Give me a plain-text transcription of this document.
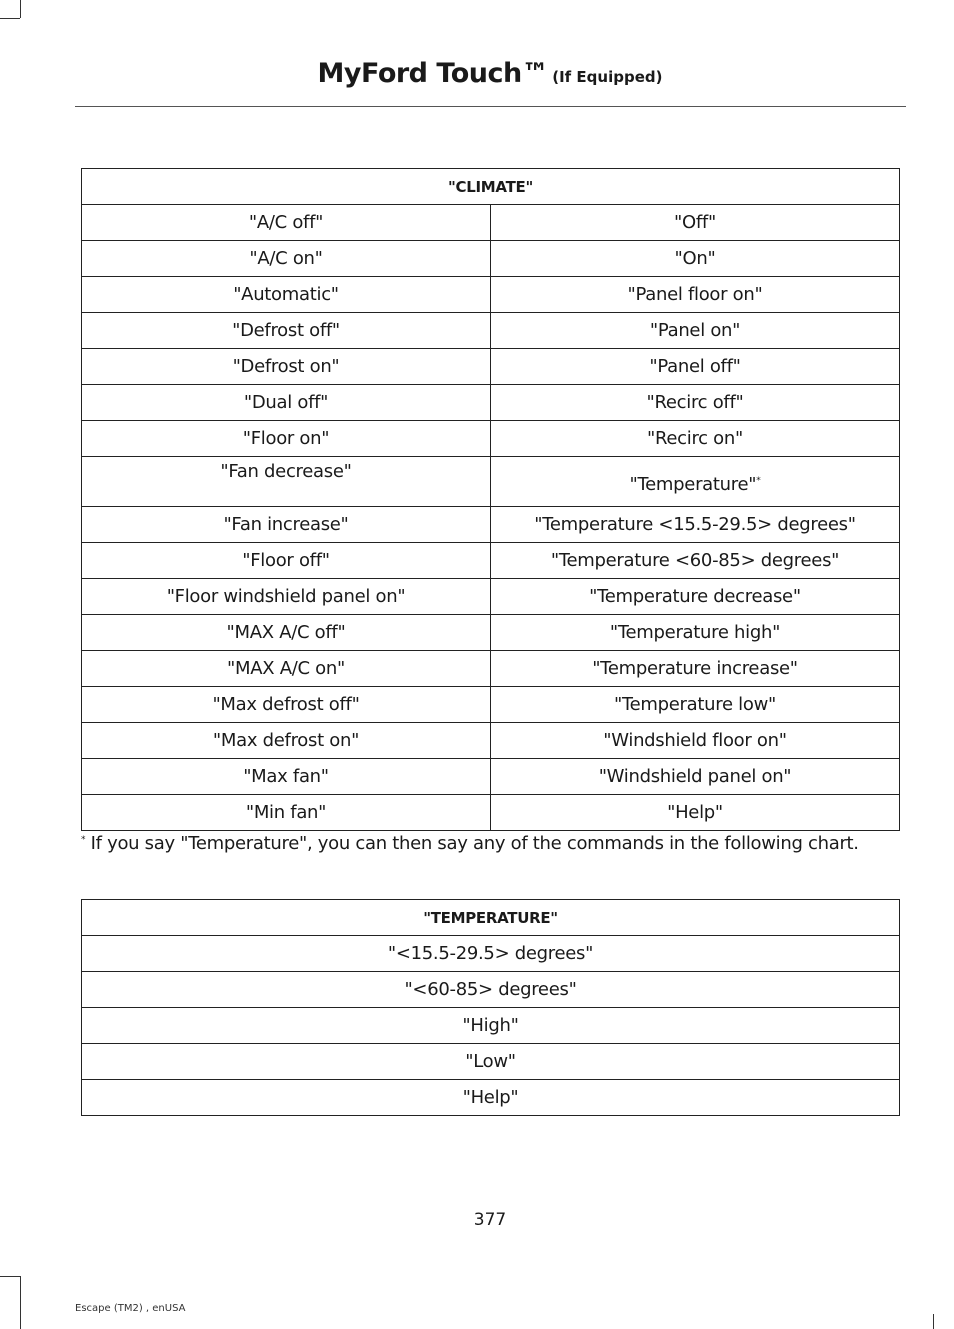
MyFord Touch™ (If Equipped)
"CLIMATE"	
"A/C off"	"Off"
"A/C on"	"On"
"Automatic"	"Panel floor on"
"Defrost off"	"Panel on"
"Defrost on"	"Panel off"
"Dual off"	"Recirc off"
"Floor on"	"Recirc on"
"Fan decrease"	"Temperature"*
"Fan increase"	"Temperature <15.5-29.5> degrees"
"Floor off"	"Temperature <60-85> degrees"
"Floor windshield panel on"	"Temperature decrease"
"MAX A/C off"	"Temperature high"
"MAX A/C on"	"Temperature increase"
"Max defrost off"	"Temperature low"
"Max defrost on"	"Windshield floor on"
"Max fan"	"Windshield panel on"
"Min fan"	"Help"
* If you say "Temperature", you can then say any of the commands in the following chart.
"TEMPERATURE"
"<15.5-29.5> degrees"
"<60-85> degrees"
"High"
"Low"
"Help"
377
Escape (TM2) , enUSA
